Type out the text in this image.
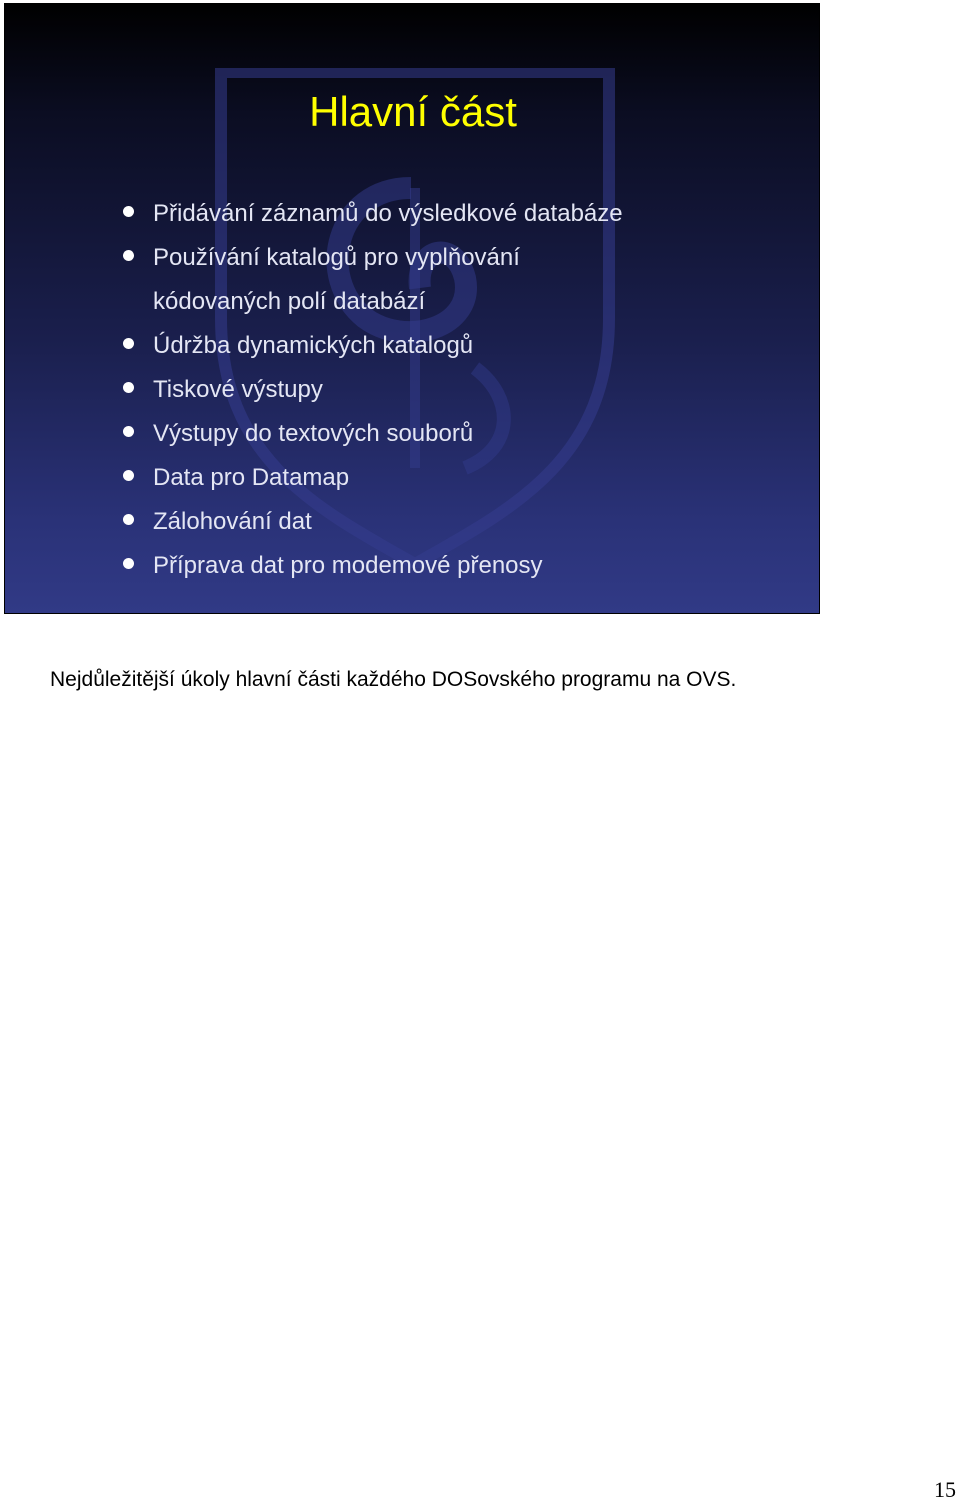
Hlavní část
Přidávání záznamů do výsledkové databáze
Používání katalogů pro vyplňování
kódovaných polí databází
Údržba dynamických katalogů
Tiskové výstupy
Výstupy do textových souborů
Data pro Datamap
Zálohování dat
Příprava dat pro modemové přenosy

Nejdůležitější úkoly hlavní části každého DOSovského programu na OVS.

15
